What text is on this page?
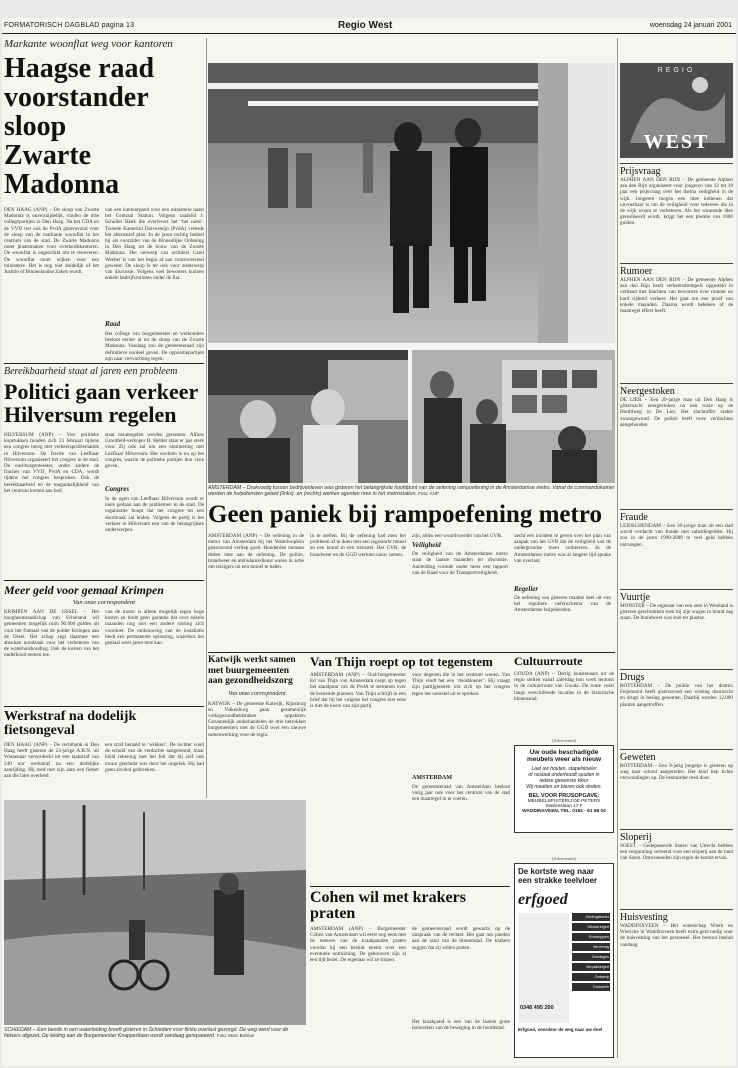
FORMATORISCH DAGBLAD pagina 13	Regio West	woensdag 24 januari 2001
Markante woonflat weg voor kantoren
Haagse raad
voorstander sloop
Zwarte Madonna
DEN HAAG (ANP) – De sloop van Zwarte Madonna is onvermijdelijk, vinden de drie collegepartijen in Den Haag. Na het CDA en de VVD riet ook de PvdA gisteravond voor de sloop van de markante woonflat in het centrum van de stad. De Zwarte Madonna moet plaatsmaken voor overheidskantoren. De woonflat is ongeschikt om te renoveren. De woonflat moet wijken voor een ministerie. Het is nog niet duidelijk of het Justitie of Binnenlandse Zaken wordt.
van een kantoorpand voor een ministerie naast het Centraal Station. Volgens raadslid J. Schuller Heek die overlevert het ‘het niets’. Tweede Kamerlid Duivesteijn (PvdA) vreesde het alternatief plan. In de jaren tachtig bedoel hij als voorzitter van de Binnenlijke Ordening in Den Haag tot de bouw van de Zwarte Madonna. Het ontwerp van architect Carel Weeber is van het begin af aan controversieel geweest. De sloop is ter ook voor onderwerp van discussie. Volgens veel bewoners kunnen enkele bedrijfsruimten onder de flat.
Raad
Het college van burgemeester en wethouders besloot eerder al tot de sloop van de Zwarte Madonna. Vandaag zou de gemeenteraad zijn definitieve oordeel geven. De oppositiepartijen zijn naar verwachting tegen.
REGIO
WEST
Bereikbaarheid staat al jaren een probleem
Politici gaan verkeer
Hilversum regelen
HILVERSUM (ANP) – Vier politieke kopstukken houden zich 23 februari tijdens een congres bezig met verkeersproblematiek in Hilversum. De fractie van Leefbaar Hilversum organiseert het congres in de stad. De oud-burgemeester, onder andere de fracties van VVD, PvdA en CDA, wordt tijdens het congres besproken. Ook de bereikbaarheid en de toegankelijkheid van het centrum komen aan bod.
staat maatregelen worden genomen. Alfons Grootfeld-verkoper B. Helder staat er pas sterk voor. Zij ook zal om een ontmoeting met Leefbaar Hilversum. Het wachten is nu op het congres, waarin de politieke partijen hun visie geven.
Congres
In de ogen van Leefbaar Hilversum wordt er niets gedaan aan de problemen in de stad. De organisatie hoopt dat het congres tot een doorbraak zal leiden. Volgens de partij is het verkeer in Hilversum een van de belangrijkste onderwerpen.
AMSTERDAM – Drukvoelig tussen bedrijvenleven was gisteren het belangrijkste hoofdpunt van de oefening rampoefening in de Amsterdamse metro. Vanaf de commandokamer werden de hulpdiensten geleid (links), en (rechts) werken agenten mee in het metrostation. Foto: ANP
Geen paniek bij rampoefening metro
AMSTERDAM (ANP) – De oefening in de metro van Amsterdam bij het Waterlooplein gisteravond verliep goed. Honderden mensen deden mee aan de oefening. De politie, brandweer en ambulancedienst waren in actie om reizigers uit een tunnel te halen.
in te stellen. Bij de oefening had men het probleem af te doen met een ingestorte tunnel en een brand in een treinstel. Het GVB, de brandweer en de GGD werkten nauw samen.
zijn, aldus een woordvoerder van het GVB.
Veiligheid
De veiligheid van de Amsterdamse metro staat de laatste maanden ter discussie. Aanleiding vormde onder meer een rapport van de Raad voor de Transportveiligheid.
oecht een incident te geven over het plan van aanpak van het GVB dat de veiligheid van de ondergrondse moet verbeteren. In de Amsterdamse metro was al langere tijd sprake van overlast.
Regelier
De oefening van gisteren maakte deel uit van het reguliere oefenschema van de Amsterdamse hulpdiensten.
Meer geld voor gemaal Krimpen
Van onze correspondent
KRIMPEN AAN DE IJSSEL – Het hoogheemraadschap van Schieland wil gemeenten mogelijk ruim 90.000 gulden uit voor het framaal van de polder Krimpen aan de IJssel. Het schap zegt daarmee een absolute noodzaak voor het verbeteren van de waterhuishouding. Ook de kosten van het onderhoud nemen toe.
van de motor is alleen mogelijk tegen hoge kosten en biedt geen garantie dat over enkele maanden nog niet een andere storing zich voordoet. De ombouwing van de installatie biedt een permanente oplossing, waardoor het gemaal weer jaren mee kan.
Werkstraf na dodelijk fietsongeval
DEN HAAG (ANP) – De rechtbank in Den Haag heeft gisteren de 23-jarige A.R.N. uit Wassenaar veroordeeld tot een taakstraf van 240 uur werkstraf na een dodelijke aanrijding. Hij reed met zijn auto een fietser aan die later overleed.
een straf betaald te ‘wikken’. De rechter vond de schuld van de verdachte aangetoond, maar hield rekening met het feit dat hij zelf ook zwaar geschokt was door het ongeluk. Hij had geen alcohol gedronken.
Katwijk werkt samen met buurgemeenten aan gezondheidszorg
Van onze correspondent
KATWIJK – De gemeente Katwijk, Rijnsburg en Valkenburg gaan gezamenlijk volksgezondheidstaken oppakken. Gezamenlijk onderhandelen de drie betrokken burgemeesters met de GGD over een nieuwe samenwerking voor de regio.
Van Thijn roept op tot tegenstem
AMSTERDAM (ANP) – Oud-burgemeester Ed van Thijn van Amsterdam roept op tegen het standpunt van de PvdA te stemmen over de komende plannen. Van Thijn schrijft in een brief dat hij het volgens het congres niet eens is met de koers van zijn partij.
voor degenen die in het centrum wonen. Van Thijn vindt het een ‘dooddoener’. Hij vraagt zijn partijgenoten om zich op het congres tegen het voorstel uit te spreken.
AMSTERDAM
De gemeenteraad van Amsterdam besloot vorig jaar ook voor het centrum van de stad een maatregel in te voeren.
Cultuurroute
GOUDA (ANP) – Dertig kunstenaars uit de regio stellen vanaf zaterdag hun werk tentoon in de cultuurroute van Gouda. De route voert langs verschillende locaties in de historische binnenstad.
(Advertentie)
Uw oude beschadigde
meubels weer als nieuw
Laat uw houten, stapelstoeler
of nostaal onderhoudt spuiten in
iedere gewenste kleur
Wij maatten en bieren ook strelen.
BEL VOOR PRIJSOPGAVE:
MEUBELSPUITERIJ DE PETERS
Stationslaan 17 F
WADDINXVEEN, TEL. 0182 - 61 88 04
SCHIEDAM – Een bende in een waterleiding breeft gisteren in Schiedam voor flinke overlast gezorgd. De weg werd voor de fietsers afgezet. De leiding aan de Burgemeester Knappertlaan wordt vandaag gerepareerd. Foto: Marc Bolsius
Cohen wil met krakers praten
AMSTERDAM (ANP) – Burgemeester Cohen van Amsterdam wil eerst nog eens met de mensen van de kraakpanden praten voordat hij een besluit neemt over een eventuele ontruiming. De gebouwen zijn al een tijd bezet. De eigenaar wil ze slopen.
de gemeenteraad wordt gewacht op de uitspraak van de rechter. Het gaat om panden aan de rand van de binnenstad. De krakers zeggen dat zij willen praten.
Het kraakpand is een van de laatste grote bolwerken van de beweging in de hoofdstad.
(Advertentie)
De kortste weg naar
een strakke teelvloer
erfgoed
0348 495 200
Kortingsteeler
Uitvoeringen
Enveloppen
Ververing
Omslagen
Verpakkingen
Ontwerp
Drukwerk
Erfgoed, voordeur de weg naar uw doel
Prijsvraag
ALPHEN AAN DEN RIJN – De gemeente Alphen aan den Rijn organiseert voor jongeren van 12 tot 18 jaar een prijsvraag over het thema veiligheid in de wijk. Jongeren mogen een idee indienen dat uitvoerbaar is om de veiligheid voor iedereen die in de wijk woont te verbeteren. Als het winnende idee gerealiseerd wordt, krijgt het een premie van 1000 gulden.
Rumoer
ALPHEN AAN DEN RIJN – De gemeente Alphen aan den Rijn heeft verkeersdrempels opgesteld in verband met klachten van bewoners over rumoer en hard rijdend verkeer. Het gaat om een proef van enkele maanden. Daarna wordt bekeken of de maatregel effect heeft.
Neergestoken
DE LIER – Een 29-jarige man uit Den Haag is gisternacht neergestoken na een ruzie op de Hoofdweg in De Lier. Het slachtoffer raakte zwaargewond. De politie heeft twee verdachten aangehouden.
Fraude
LEIDSCHENDAM – Een 36-jarige man uit een stad wordt verdacht van fraude met subsidiegelden. Hij zou in de jaren 1999-2000 te veel geld hebben ontvangen.
Vuurtje
MONSTER – De eigenaar van een auto in Westland is gisteren geschrokken toen hij zijn wagen in brand zag staan. De brandweer was snel ter plaatse.
Drugs
ROTTERDAM – De politie van het district Feijenoord heeft gisteravond een woning doorzocht en drugs in beslag genomen. Daarbij werden 12.000 planten aangetroffen.
Geweten
ROTTERDAM – Een 9-jarig jongetje is gisteren op weg naar school aangereden. Het kind liep lichte verwondingen op. De bestuurder reed door.
Sloperij
SOEST – Gedeputeerde Staten van Utrecht hebben een vergunning verleend voor een sloperij aan de rand van Soest. Omwonenden zijn tegen de komst ervan.
Huisvesting
WADDINXVEEN – Het waterschap Wierk en Wiericke in Waddinxveen heeft extra geld nodig voor de huisvesting van het personeel. Het bestuur besluit vandaag.
